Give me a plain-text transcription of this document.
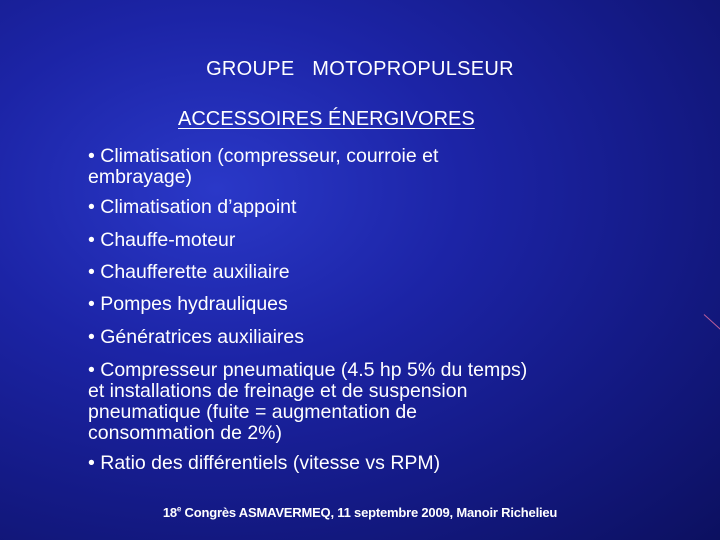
GROUPE  MOTOPROPULSEUR
ACCESSOIRES ÉNERGIVORES
• Climatisation (compresseur, courroie et
embrayage)
• Climatisation d’appoint
• Chauffe-moteur
• Chaufferette auxiliaire
• Pompes hydrauliques
• Génératrices auxiliaires
• Compresseur pneumatique (4.5 hp 5% du temps)
et installations de freinage et de suspension
pneumatique (fuite = augmentation de
consommation de 2%)
• Ratio des différentiels (vitesse vs RPM)
18e Congrès ASMAVERMEQ, 11 septembre 2009, Manoir Richelieu
